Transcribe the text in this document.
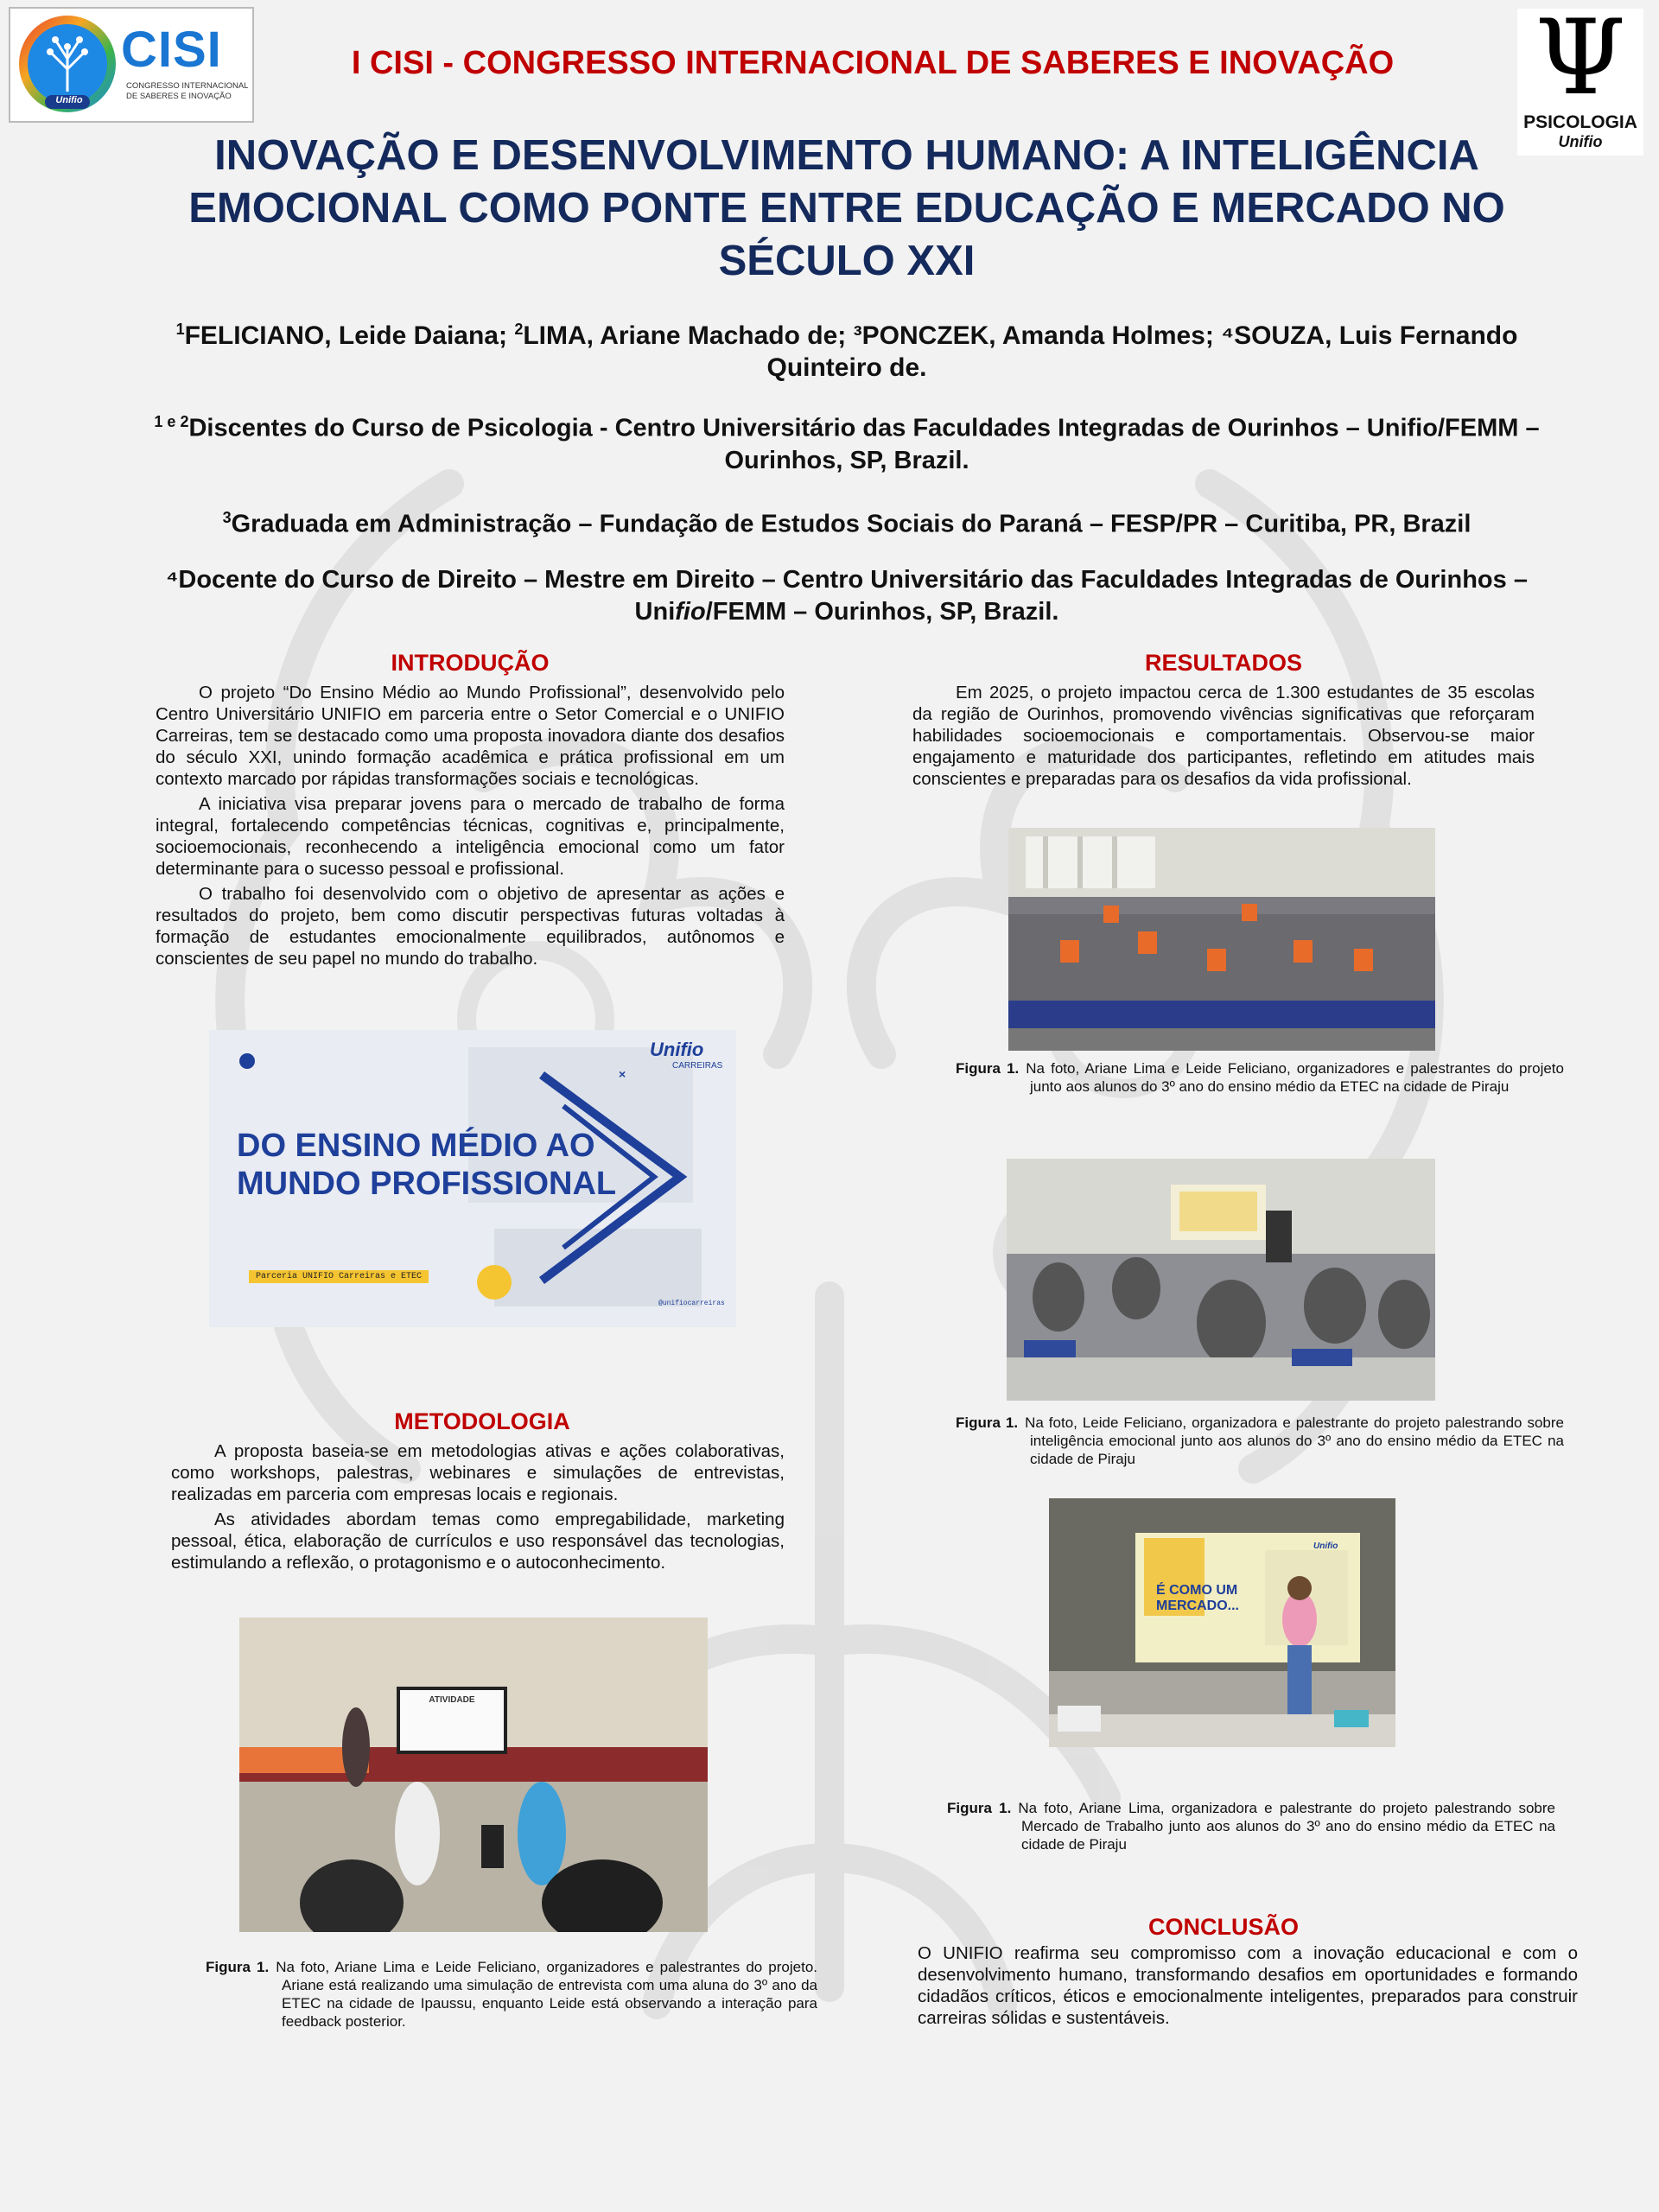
Unifio
CISI
CONGRESSO INTERNACIONAL
DE SABERES E INOVAÇÃO
I CISI - CONGRESSO INTERNACIONAL DE SABERES E INOVAÇÃO	Ψ
PSICOLOGIA
Unifio
INOVAÇÃO E DESENVOLVIMENTO HUMANO: A INTELIGÊNCIA EMOCIONAL COMO PONTE ENTRE EDUCAÇÃO E MERCADO NO SÉCULO XXI
$^1$FELICIANO, Leide Daiana; $^2$LIMA, Ariane Machado de; ³PONCZEK, Amanda Holmes; ⁴SOUZA, Luis Fernando Quinteiro de.
$^{1 e 2}$Discentes do Curso de Psicologia - Centro Universitário das Faculdades Integradas de Ourinhos – Unifio/FEMM – Ourinhos, SP, Brazil.
$^3$Graduada em Administração – Fundação de Estudos Sociais do Paraná – FESP/PR – Curitiba, PR, Brazil
⁴Docente do Curso de Direito – Mestre em Direito – Centro Universitário das Faculdades Integradas de Ourinhos – Unifio/FEMM – Ourinhos, SP, Brazil.
INTRODUÇÃO

O projeto “Do Ensino Médio ao Mundo Profissional”, desenvolvido pelo Centro Universitário UNIFIO em parceria entre o Setor Comercial e o UNIFIO Carreiras, tem se destacado como uma proposta inovadora diante dos desafios do século XXI, unindo formação acadêmica e prática profissional em um contexto marcado por rápidas transformações sociais e tecnológicas.

A iniciativa visa preparar jovens para o mercado de trabalho de forma integral, fortalecendo competências técnicas, cognitivas e, principalmente, socioemocionais, reconhecendo a inteligência emocional como um fator determinante para o sucesso pessoal e profissional.

O trabalho foi desenvolvido com o objetivo de apresentar as ações e resultados do projeto, bem como discutir perspectivas futuras voltadas à formação de estudantes emocionalmente equilibrados, autônomos e conscientes de seu papel no mundo do trabalho.

×
Unifio
CARREIRAS
DO ENSINO MÉDIO AO
MUNDO PROFISSIONAL
Parceria UNIFIO Carreiras e ETEC
@unifiocarreiras
METODOLOGIA

A proposta baseia-se em metodologias ativas e ações colaborativas, como workshops, palestras, webinares e simulações de entrevistas, realizadas em parceria com empresas locais e regionais.

As atividades abordam temas como empregabilidade, marketing pessoal, ética, elaboração de currículos e uso responsável das tecnologias, estimulando a reflexão, o protagonismo e o autoconhecimento.

ATIVIDADE
Figura 1. Na foto, Ariane Lima e Leide Feliciano, organizadores e palestrantes do projeto. Ariane está realizando uma simulação de entrevista com uma aluna do 3º ano da ETEC na cidade de Ipaussu, enquanto Leide está observando a interação para feedback posterior.
RESULTADOS

Em 2025, o projeto impactou cerca de 1.300 estudantes de 35 escolas da região de Ourinhos, promovendo vivências significativas que reforçaram habilidades socioemocionais e comportamentais. Observou-se maior engajamento e maturidade dos participantes, refletindo em atitudes mais conscientes e preparadas para os desafios da vida profissional.

Figura 1. Na foto, Ariane Lima e Leide Feliciano, organizadores e palestrantes do projeto junto aos alunos do 3º ano do ensino médio da ETEC na cidade de Piraju
Figura 1. Na foto, Leide Feliciano, organizadora e palestrante do projeto palestrando sobre inteligência emocional junto aos alunos do 3º ano do ensino médio da ETEC na cidade de Piraju
É COMO UM MERCADO...
Unifio
Figura 1. Na foto, Ariane Lima, organizadora e palestrante do projeto palestrando sobre Mercado de Trabalho junto aos alunos do 3º ano do ensino médio da ETEC na cidade de Piraju
CONCLUSÃO

O UNIFIO reafirma seu compromisso com a inovação educacional e com o desenvolvimento humano, transformando desafios em oportunidades e formando cidadãos críticos, éticos e emocionalmente inteligentes, preparados para construir carreiras sólidas e sustentáveis.
